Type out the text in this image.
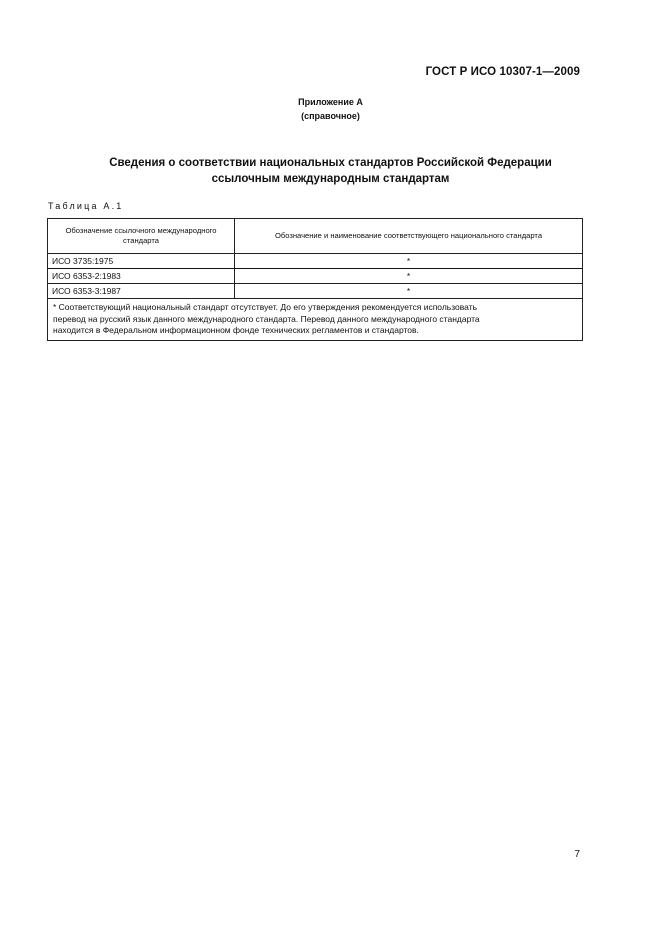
ГОСТ Р ИСО 10307-1—2009
Приложение А
(справочное)
Сведения о соответствии национальных стандартов Российской Федерации
ссылочным международным стандартам
Таблица А.1
Обозначение ссылочного международного стандарта	Обозначение и наименование соответствующего национального стандарта
ИСО 3735:1975	*
ИСО 6353-2:1983	*
ИСО 6353-3:1987	*

* Соответствующий национальный стандарт отсутствует. До его утверждения рекомендуется использовать
перевод на русский язык данного международного стандарта. Перевод данного международного стандарта
находится в Федеральном информационном фонде технических регламентов и стандартов.	
7
